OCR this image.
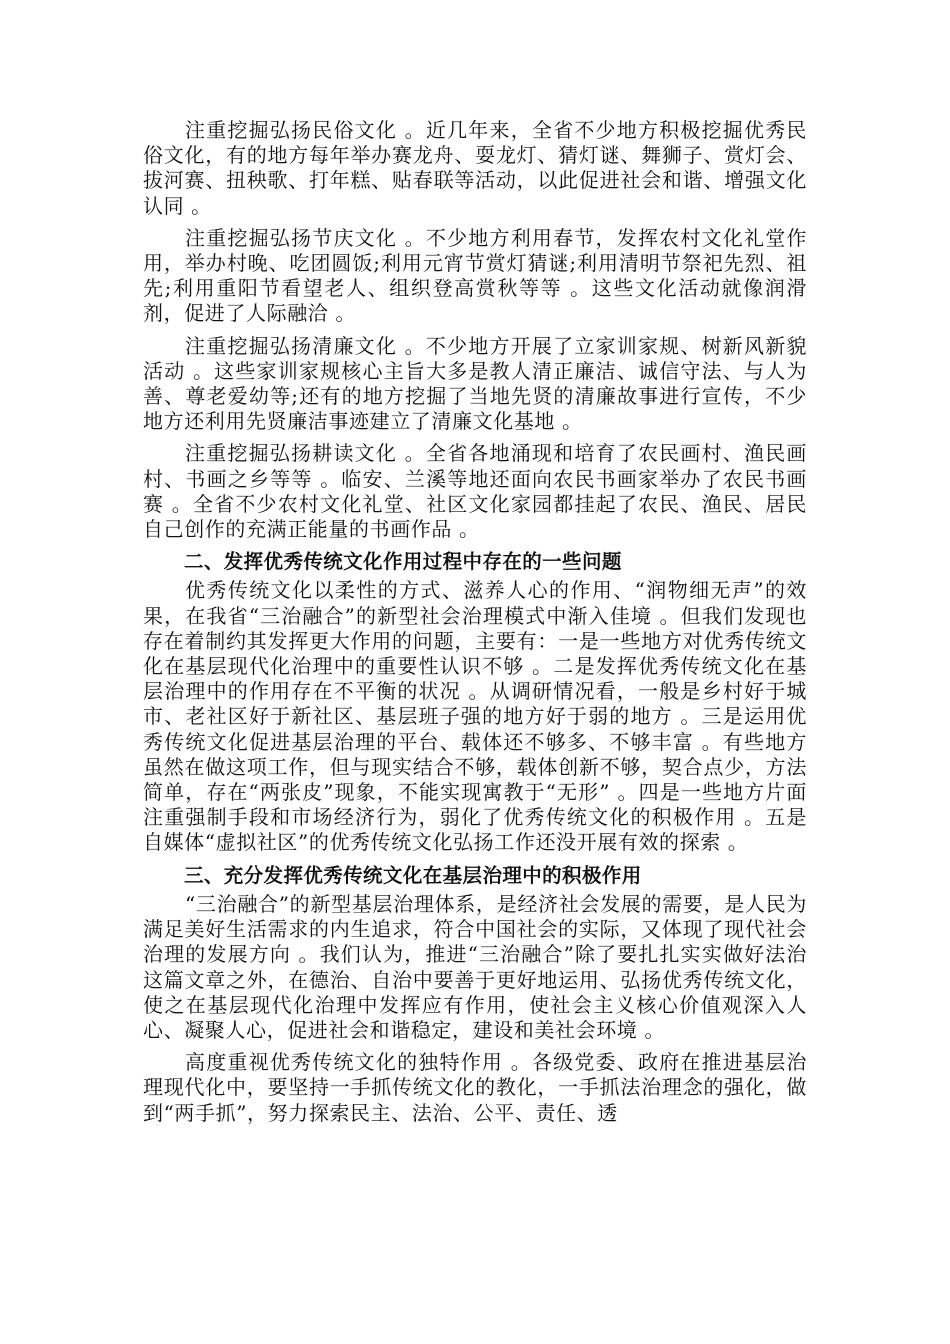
注重挖掘弘扬民俗文化 。近几年来，全省不少地方积极挖掘优秀民俗文化，有的地方每年举办赛龙舟、耍龙灯、猜灯谜、舞狮子、赏灯会、拔河赛、扭秧歌、打年糕、贴春联等活动，以此促进社会和谐、增强文化认同 。

注重挖掘弘扬节庆文化 。不少地方利用春节，发挥农村文化礼堂作用，举办村晚、吃团圆饭;利用元宵节赏灯猜谜;利用清明节祭祀先烈、祖先;利用重阳节看望老人、组织登高赏秋等等 。这些文化活动就像润滑剂，促进了人际融洽 。

注重挖掘弘扬清廉文化 。不少地方开展了立家训家规、树新风新貌活动 。这些家训家规核心主旨大多是教人清正廉洁、诚信守法、与人为善、尊老爱幼等;还有的地方挖掘了当地先贤的清廉故事进行宣传，不少地方还利用先贤廉洁事迹建立了清廉文化基地 。

注重挖掘弘扬耕读文化 。全省各地涌现和培育了农民画村、渔民画村、书画之乡等等 。临安、兰溪等地还面向农民书画家举办了农民书画赛 。全省不少农村文化礼堂、社区文化家园都挂起了农民、渔民、居民自己创作的充满正能量的书画作品 。

二、发挥优秀传统文化作用过程中存在的一些问题

优秀传统文化以柔性的方式、滋养人心的作用、“润物细无声”的效果，在我省“三治融合”的新型社会治理模式中渐入佳境 。但我们发现也存在着制约其发挥更大作用的问题，主要有：一是一些地方对优秀传统文化在基层现代化治理中的重要性认识不够 。二是发挥优秀传统文化在基层治理中的作用存在不平衡的状况 。从调研情况看，一般是乡村好于城市、老社区好于新社区、基层班子强的地方好于弱的地方 。三是运用优秀传统文化促进基层治理的平台、载体还不够多、不够丰富 。有些地方虽然在做这项工作，但与现实结合不够，载体创新不够，契合点少，方法简单，存在“两张皮”现象，不能实现寓教于“无形” 。四是一些地方片面注重强制手段和市场经济行为，弱化了优秀传统文化的积极作用 。五是自媒体“虚拟社区”的优秀传统文化弘扬工作还没开展有效的探索 。

三、充分发挥优秀传统文化在基层治理中的积极作用

“三治融合”的新型基层治理体系，是经济社会发展的需要，是人民为满足美好生活需求的内生追求，符合中国社会的实际，又体现了现代社会治理的发展方向 。我们认为，推进“三治融合”除了要扎扎实实做好法治这篇文章之外，在德治、自治中要善于更好地运用、弘扬优秀传统文化，使之在基层现代化治理中发挥应有作用，使社会主义核心价值观深入人心、凝聚人心，促进社会和谐稳定，建设和美社会环境 。

高度重视优秀传统文化的独特作用 。各级党委、政府在推进基层治理现代化中，要坚持一手抓传统文化的教化，一手抓法治理念的强化，做到“两手抓”，努力探索民主、法治、公平、责任、透
